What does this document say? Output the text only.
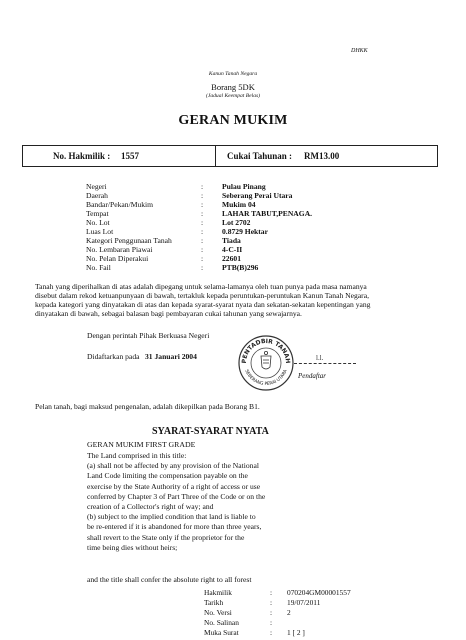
DHKK
Kanun Tanah Negara
Borang 5DK
(Jadual Keempat Belas)
GERAN MUKIM
No. Hakmilik : 1557	Cukai Tahunan : RM13.00
Negeri	: Pulau Pinang
Daerah	: Seberang Perai Utara
Bandar/Pekan/Mukim	: Mukim 04
Tempat	: LAHAR TABUT,PENAGA.
No. Lot	: Lot 2702
Luas Lot	: 0.8729 Hektar
Kategori Penggunaan Tanah	: Tiada
No. Lembaran Piawai	: 4-C-II
No. Pelan Diperakui	: 22601
No. Fail	: PTB(B)296
Tanah yang diperihalkan di atas adalah dipegang untuk selama-lamanya oleh tuan punya pada masa namanya
disebut dalam rekod ketuanpunyaan di bawah, tertakluk kepada peruntukan-peruntukan Kanun Tanah Negara,
kepada kategori yang dinyatakan di atas dan kepada syarat-syarat nyata dan sekatan-sekatan kepentingan yang
dinyatakan di bawah, sebagai balasan bagi pembayaran cukai tahunan yang sewajarnya.
Dengan perintah Pihak Berkuasa Negeri
Didaftarkan pada 31 Januari 2004
PENTADBIR TANAH
SEBERANG PERAI UTARA
l.l.
Pendaftar
Pelan tanah, bagi maksud pengenalan, adalah dikepilkan pada Borang B1.
SYARAT-SYARAT NYATA
GERAN MUKIM FIRST GRADE
The Land comprised in this title:
(a) shall not be affected by any provision of the National
Land Code limiting the compensation payable on the
exercise by the State Authority of a right of access or use
conferred by Chapter 3 of Part Three of the Code or on the
creation of a Collector's right of way; and
(b) subject to the implied condition that land is liable to
be re-entered if it is abandoned for more than three years,
shall revert to the State only if the proprietor for the
time being dies without heirs;
and the title shall confer the absolute right to all forest
Hakmilik	: 070204GM00001557
Tarikh	: 19/07/2011
No. Versi	: 2
No. Salinan	:
Muka Surat	: 1 [ 2 ]
